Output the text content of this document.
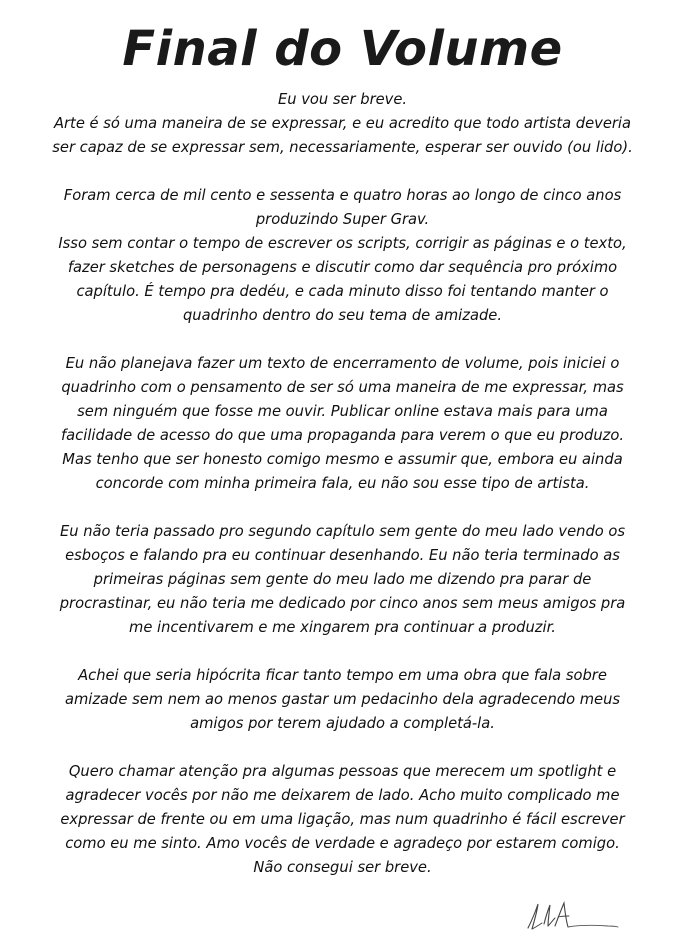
Final do Volume
Eu vou ser breve.
Arte é só uma maneira de se expressar, e eu acredito que todo artista deveria
ser capaz de se expressar sem, necessariamente, esperar ser ouvido (ou lido).
Foram cerca de mil cento e sessenta e quatro horas ao longo de cinco anos
produzindo Super Grav.
Isso sem contar o tempo de escrever os scripts, corrigir as páginas e o texto,
fazer sketches de personagens e discutir como dar sequência pro próximo
capítulo. É tempo pra dedéu, e cada minuto disso foi tentando manter o
quadrinho dentro do seu tema de amizade.
Eu não planejava fazer um texto de encerramento de volume, pois iniciei o
quadrinho com o pensamento de ser só uma maneira de me expressar, mas
sem ninguém que fosse me ouvir. Publicar online estava mais para uma
facilidade de acesso do que uma propaganda para verem o que eu produzo.
Mas tenho que ser honesto comigo mesmo e assumir que, embora eu ainda
concorde com minha primeira fala, eu não sou esse tipo de artista.
Eu não teria passado pro segundo capítulo sem gente do meu lado vendo os
esboços e falando pra eu continuar desenhando. Eu não teria terminado as
primeiras páginas sem gente do meu lado me dizendo pra parar de
procrastinar, eu não teria me dedicado por cinco anos sem meus amigos pra
me incentivarem e me xingarem pra continuar a produzir.
Achei que seria hipócrita ficar tanto tempo em uma obra que fala sobre
amizade sem nem ao menos gastar um pedacinho dela agradecendo meus
amigos por terem ajudado a completá-la.
Quero chamar atenção pra algumas pessoas que merecem um spotlight e
agradecer vocês por não me deixarem de lado. Acho muito complicado me
expressar de frente ou em uma ligação, mas num quadrinho é fácil escrever
como eu me sinto. Amo vocês de verdade e agradeço por estarem comigo.
Não consegui ser breve.
